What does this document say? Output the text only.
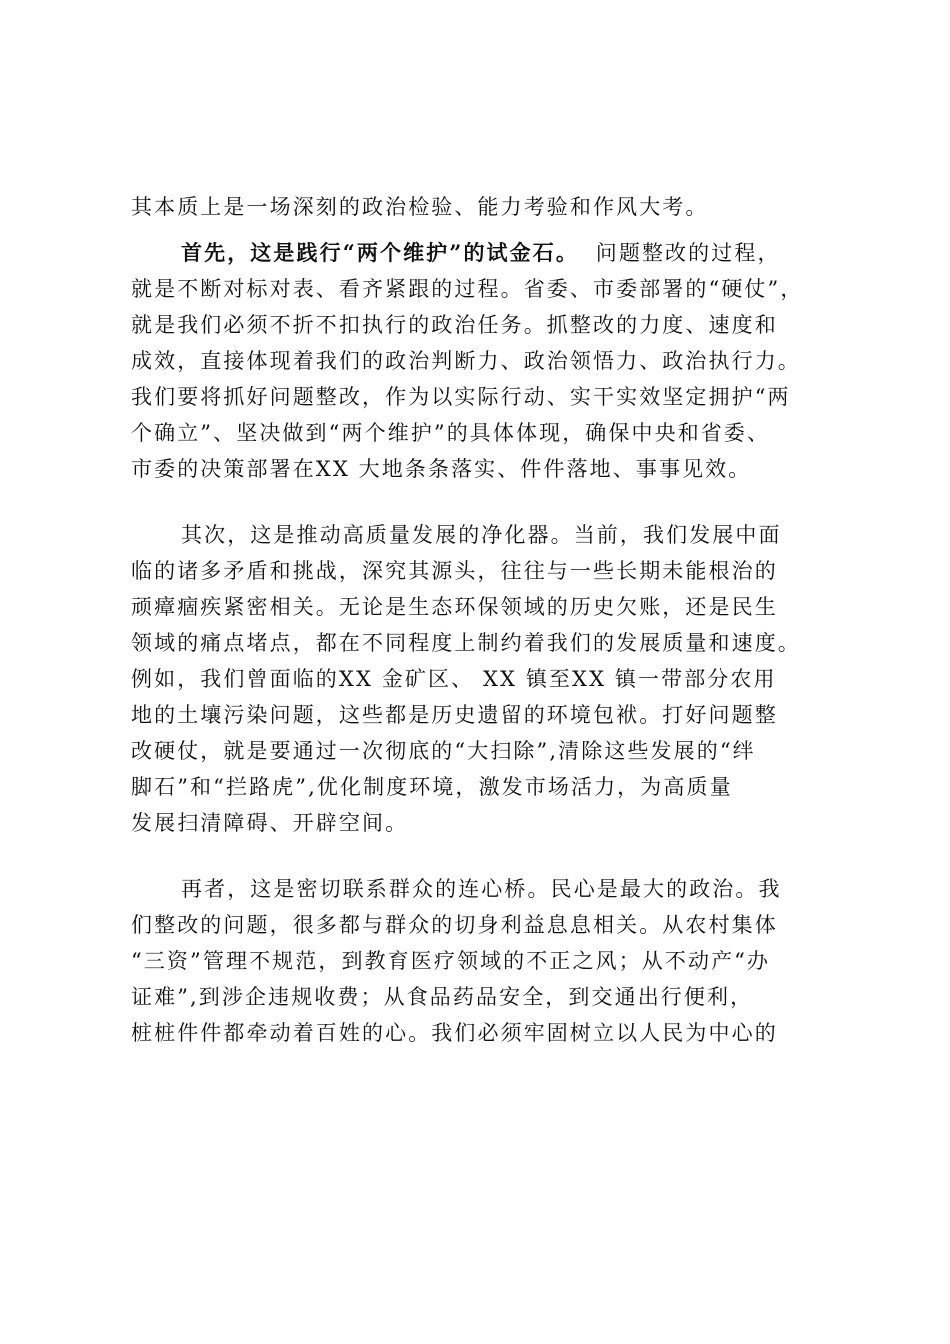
其本质上是一场深刻的政治检验、能力考验和作风大考。
首先，这是践行“两个维护”的试金石。 问题整改的过程，
就是不断对标对表、看齐紧跟的过程。省委、市委部署的“硬仗”，
就是我们必须不折不扣执行的政治任务。抓整改的力度、速度和
成效，直接体现着我们的政治判断力、政治领悟力、政治执行力。
我们要将抓好问题整改，作为以实际行动、实干实效坚定拥护“两
个确立”、坚决做到“两个维护”的具体体现，确保中央和省委、
市委的决策部署在XX 大地条条落实、件件落地、事事见效。
其次，这是推动高质量发展的净化器。当前，我们发展中面
临的诸多矛盾和挑战，深究其源头，往往与一些长期未能根治的
顽瘴痼疾紧密相关。无论是生态环保领域的历史欠账，还是民生
领域的痛点堵点，都在不同程度上制约着我们的发展质量和速度。
例如，我们曾面临的XX 金矿区、 XX 镇至XX 镇一带部分农用
地的土壤污染问题，这些都是历史遗留的环境包袱。打好问题整
改硬仗，就是要通过一次彻底的“大扫除”,清除这些发展的“绊
脚石”和“拦路虎”,优化制度环境，激发市场活力，为高质量
发展扫清障碍、开辟空间。
再者，这是密切联系群众的连心桥。民心是最大的政治。我
们整改的问题，很多都与群众的切身利益息息相关。从农村集体
“三资”管理不规范，到教育医疗领域的不正之风；从不动产“办
证难”,到涉企违规收费；从食品药品安全，到交通出行便利，
桩桩件件都牵动着百姓的心。我们必须牢固树立以人民为中心的
